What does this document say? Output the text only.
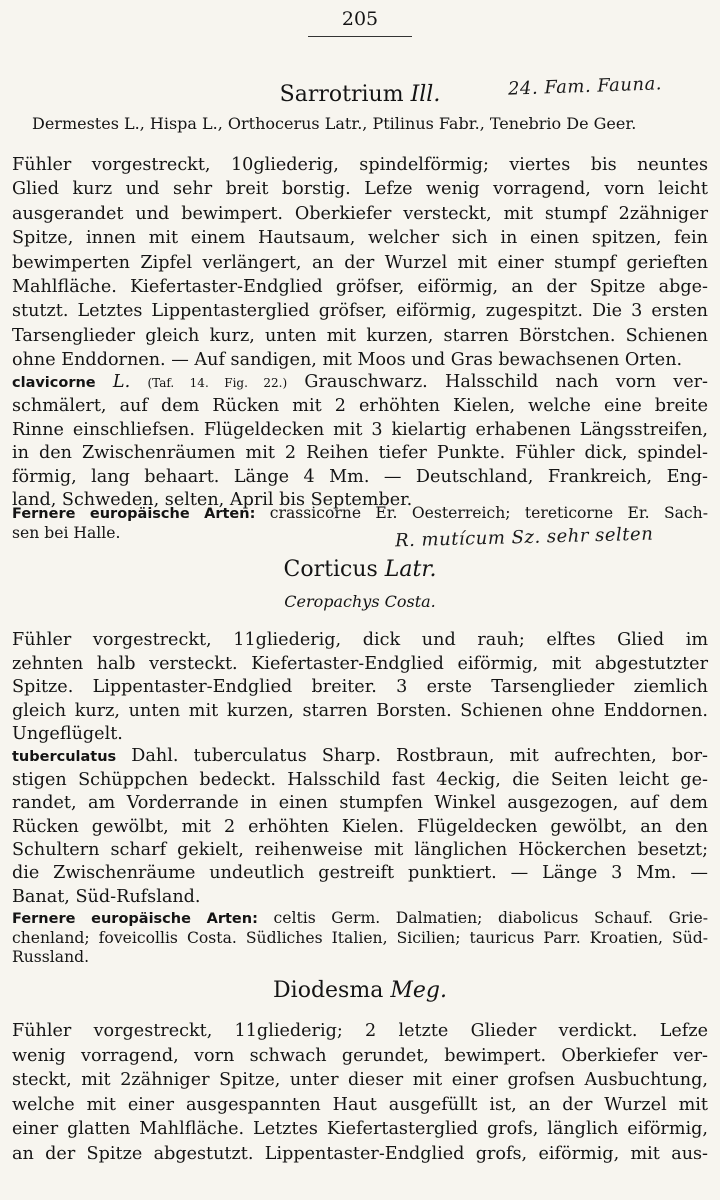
205
Sarrotrium Ill.	24. Fam. Fauna.
Dermestes L., Hispa L., Orthocerus Latr., Ptilinus Fabr., Tenebrio De Geer.
Fühler vorgestreckt, 10gliederig, spindelförmig; viertes bis neuntes
Glied kurz und sehr breit borstig. Lefze wenig vorragend, vorn leicht
ausgerandet und bewimpert. Oberkiefer versteckt, mit stumpf 2zähniger
Spitze, innen mit einem Hautsaum, welcher sich in einen spitzen, fein
bewimperten Zipfel verlängert, an der Wurzel mit einer stumpf gerieften
Mahlfläche. Kiefertaster-Endglied gröfser, eiförmig, an der Spitze abge-
stutzt. Letztes Lippentasterglied gröfser, eiförmig, zugespitzt. Die 3 ersten
Tarsenglieder gleich kurz, unten mit kurzen, starren Börstchen. Schienen
ohne Enddornen. — Auf sandigen, mit Moos und Gras bewachsenen Orten.
clavicorne L. (Taf. 14. Fig. 22.) Grauschwarz. Halsschild nach vorn ver-
schmälert, auf dem Rücken mit 2 erhöhten Kielen, welche eine breite
Rinne einschliefsen. Flügeldecken mit 3 kielartig erhabenen Längsstreifen,
in den Zwischenräumen mit 2 Reihen tiefer Punkte. Fühler dick, spindel-
förmig, lang behaart. Länge 4 Mm. — Deutschland, Frankreich, Eng-
land, Schweden, selten, April bis September.
Fernere europäische Arten: crassicorne Er. Oesterreich; tereticorne Er. Sach-
sen bei Halle.	R. mutícum Sz. sehr selten
Corticus Latr.
Ceropachys Costa.
Fühler vorgestreckt, 11gliederig, dick und rauh; elftes Glied im
zehnten halb versteckt. Kiefertaster-Endglied eiförmig, mit abgestutzter
Spitze. Lippentaster-Endglied breiter. 3 erste Tarsenglieder ziemlich
gleich kurz, unten mit kurzen, starren Borsten. Schienen ohne Enddornen.
Ungeflügelt.
tuberculatus Dahl. tuberculatus Sharp. Rostbraun, mit aufrechten, bor-
stigen Schüppchen bedeckt. Halsschild fast 4eckig, die Seiten leicht ge-
randet, am Vorderrande in einen stumpfen Winkel ausgezogen, auf dem
Rücken gewölbt, mit 2 erhöhten Kielen. Flügeldecken gewölbt, an den
Schultern scharf gekielt, reihenweise mit länglichen Höckerchen besetzt;
die Zwischenräume undeutlich gestreift punktiert. — Länge 3 Mm. —
Banat, Süd-Rufsland.
Fernere europäische Arten: celtis Germ. Dalmatien; diabolicus Schauf. Grie-
chenland; foveicollis Costa. Südliches Italien, Sicilien; tauricus Parr. Kroatien, Süd-
Russland.
Diodesma Meg.
Fühler vorgestreckt, 11gliederig; 2 letzte Glieder verdickt. Lefze
wenig vorragend, vorn schwach gerundet, bewimpert. Oberkiefer ver-
steckt, mit 2zähniger Spitze, unter dieser mit einer grofsen Ausbuchtung,
welche mit einer ausgespannten Haut ausgefüllt ist, an der Wurzel mit
einer glatten Mahlfläche. Letztes Kiefertasterglied grofs, länglich eiförmig,
an der Spitze abgestutzt. Lippentaster-Endglied grofs, eiförmig, mit aus-
